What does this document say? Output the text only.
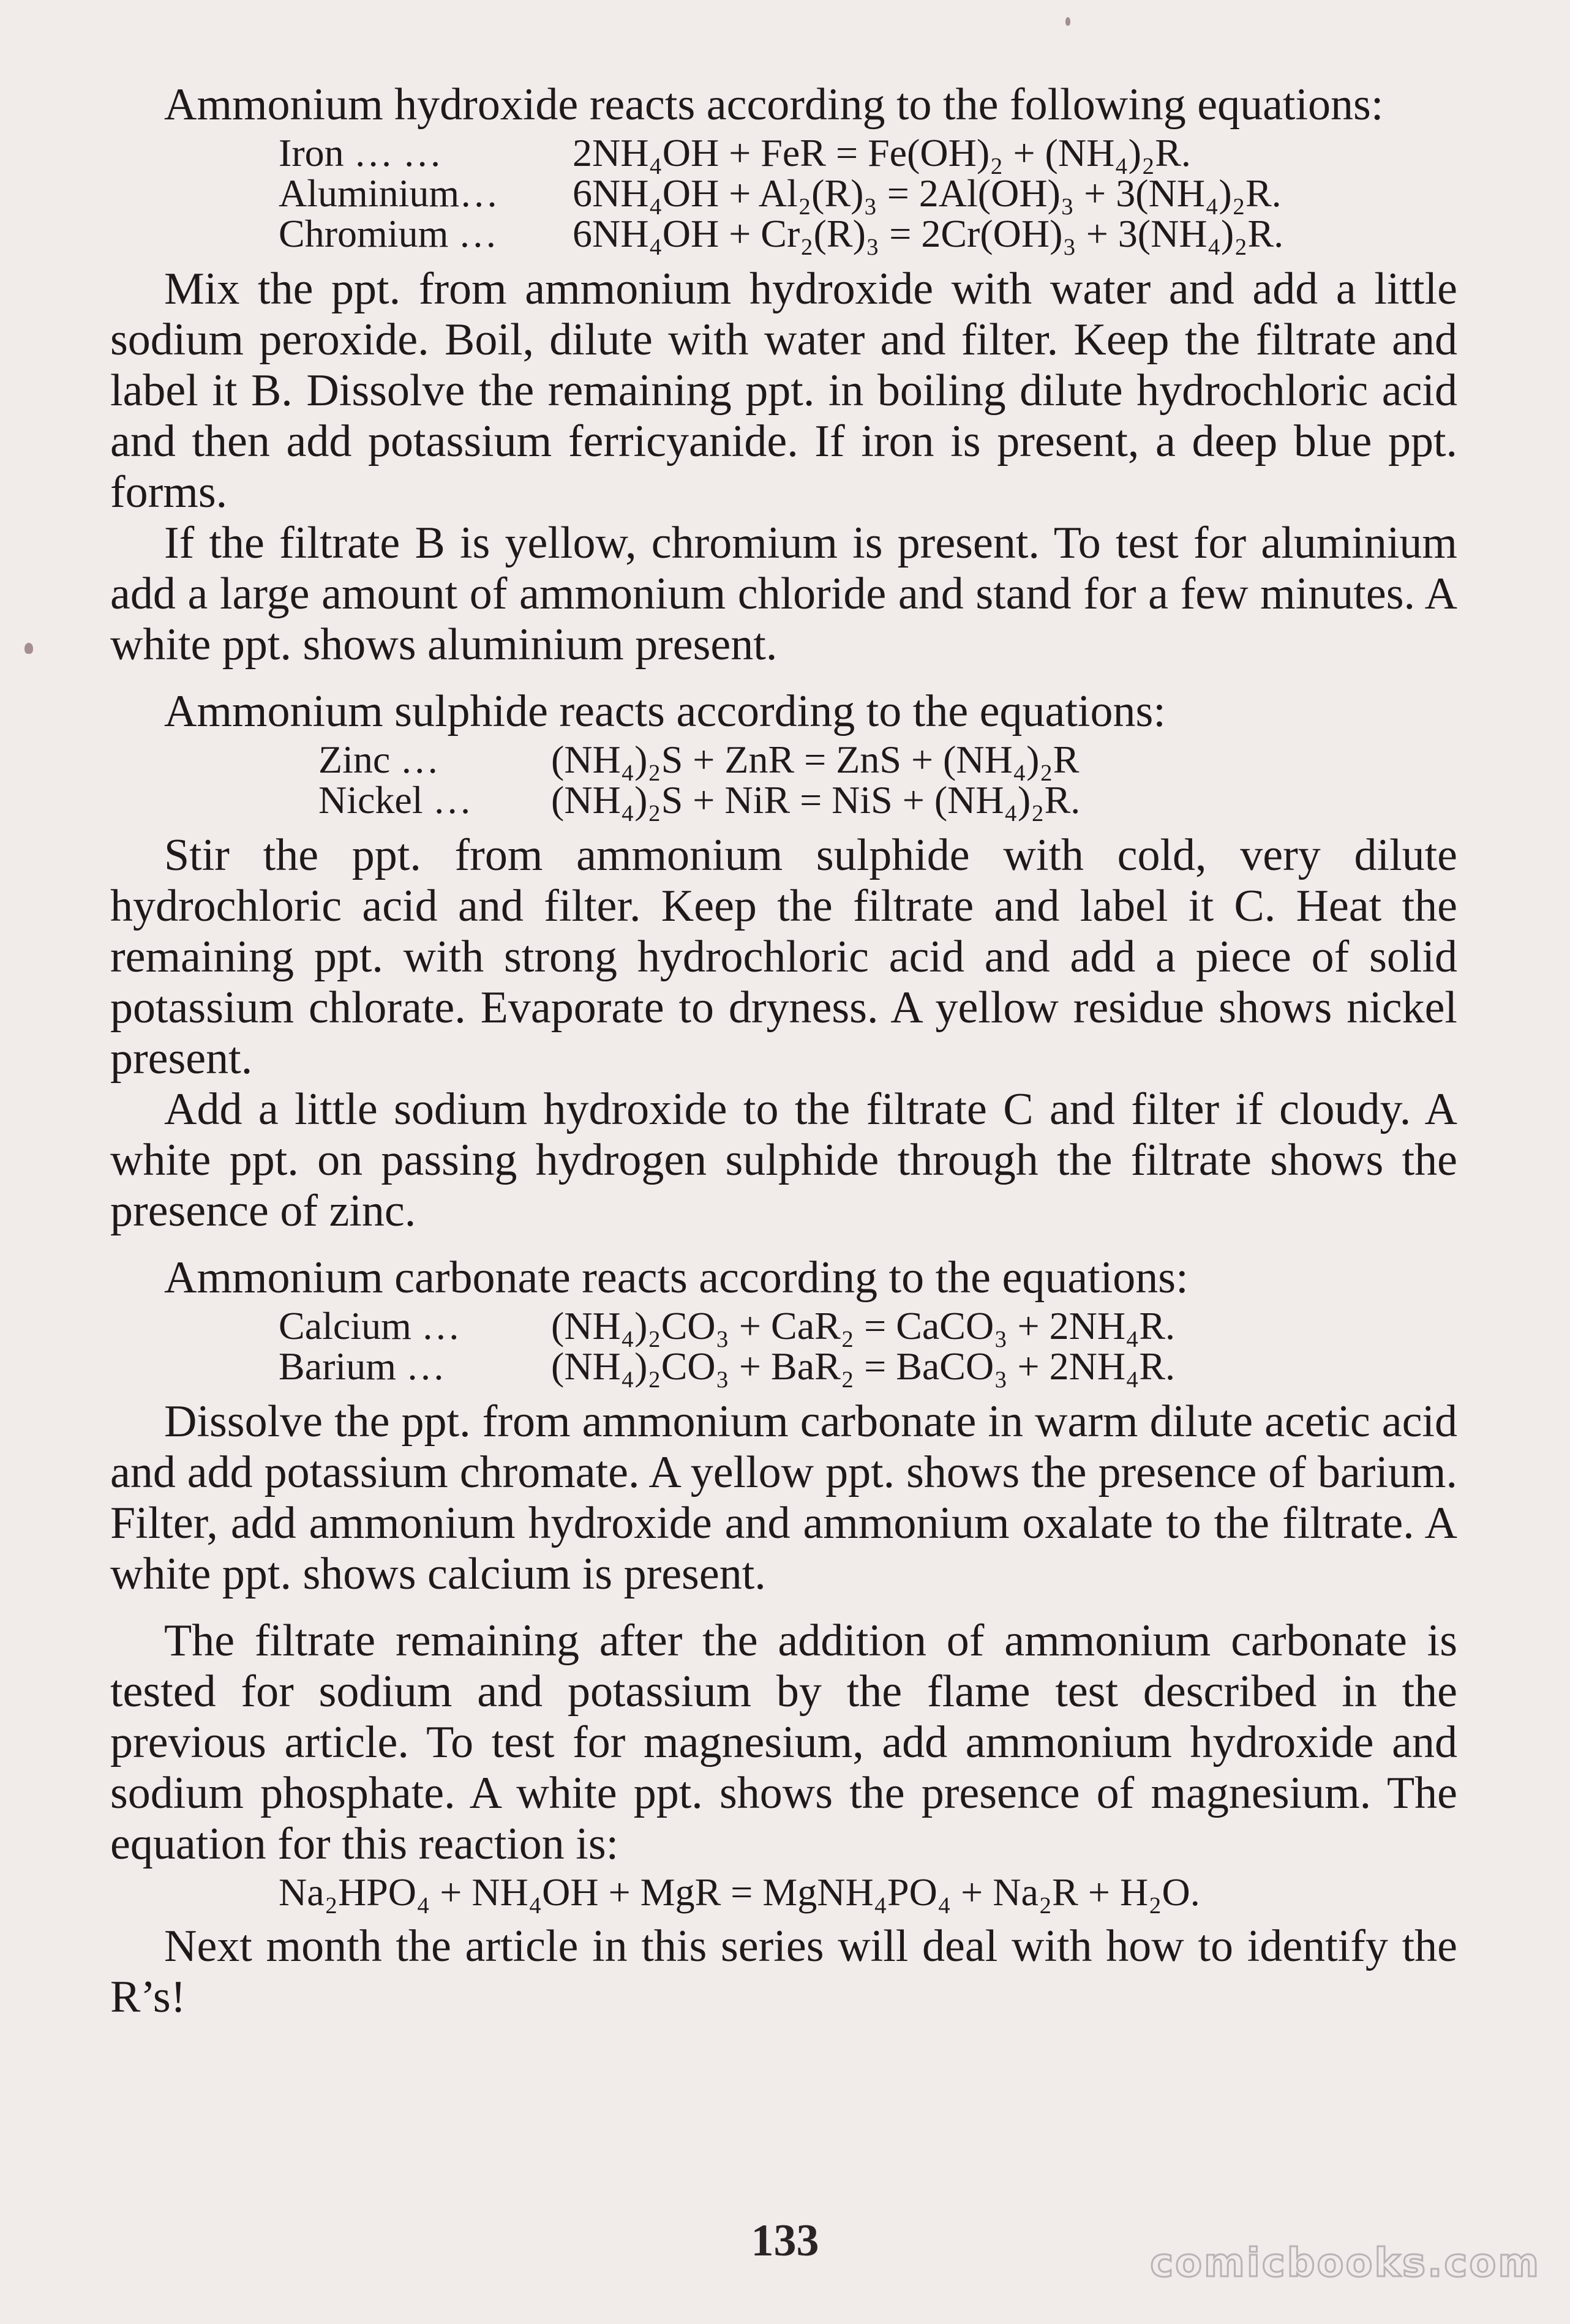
Ammonium hydroxide reacts according to the following equations:

Iron … …	2NH₄OH + FeR = Fe(OH)₂ + (NH₄)₂R.
Aluminium…	6NH₄OH + Al₂(R)₃ = 2Al(OH)₃ + 3(NH₄)₂R.
Chromium …	6NH₄OH + Cr₂(R)₃ = 2Cr(OH)₃ + 3(NH₄)₂R.

Mix the ppt. from ammonium hydroxide with water and add a little sodium peroxide. Boil, dilute with water and filter. Keep the filtrate and label it B. Dissolve the remaining ppt. in boiling dilute hydrochloric acid and then add potassium ferricyanide. If iron is present, a deep blue ppt. forms.

If the filtrate B is yellow, chromium is present. To test for aluminium add a large amount of ammonium chloride and stand for a few minutes. A white ppt. shows aluminium present.

Ammonium sulphide reacts according to the equations:

Zinc …	(NH₄)₂S + ZnR = ZnS + (NH₄)₂R
Nickel …	(NH₄)₂S + NiR = NiS + (NH₄)₂R.

Stir the ppt. from ammonium sulphide with cold, very dilute hydrochloric acid and filter. Keep the filtrate and label it C. Heat the remaining ppt. with strong hydrochloric acid and add a piece of solid potassium chlorate. Evaporate to dryness. A yellow residue shows nickel present.

Add a little sodium hydroxide to the filtrate C and filter if cloudy. A white ppt. on passing hydrogen sulphide through the filtrate shows the presence of zinc.

Ammonium carbonate reacts according to the equations:

Calcium …	(NH₄)₂CO₃ + CaR₂ = CaCO₃ + 2NH₄R.
Barium …	(NH₄)₂CO₃ + BaR₂ = BaCO₃ + 2NH₄R.

Dissolve the ppt. from ammonium carbonate in warm dilute acetic acid and add potassium chromate. A yellow ppt. shows the presence of barium. Filter, add ammonium hydroxide and ammonium oxalate to the filtrate. A white ppt. shows calcium is present.

The filtrate remaining after the addition of ammonium carbonate is tested for sodium and potassium by the flame test described in the previous article. To test for magnesium, add ammonium hydroxide and sodium phosphate. A white ppt. shows the presence of magnesium. The equation for this reaction is:

Na₂HPO₄ + NH₄OH + MgR = MgNH₄PO₄ + Na₂R + H₂O.

Next month the article in this series will deal with how to identify the R’s!

133	comicbooks.com
